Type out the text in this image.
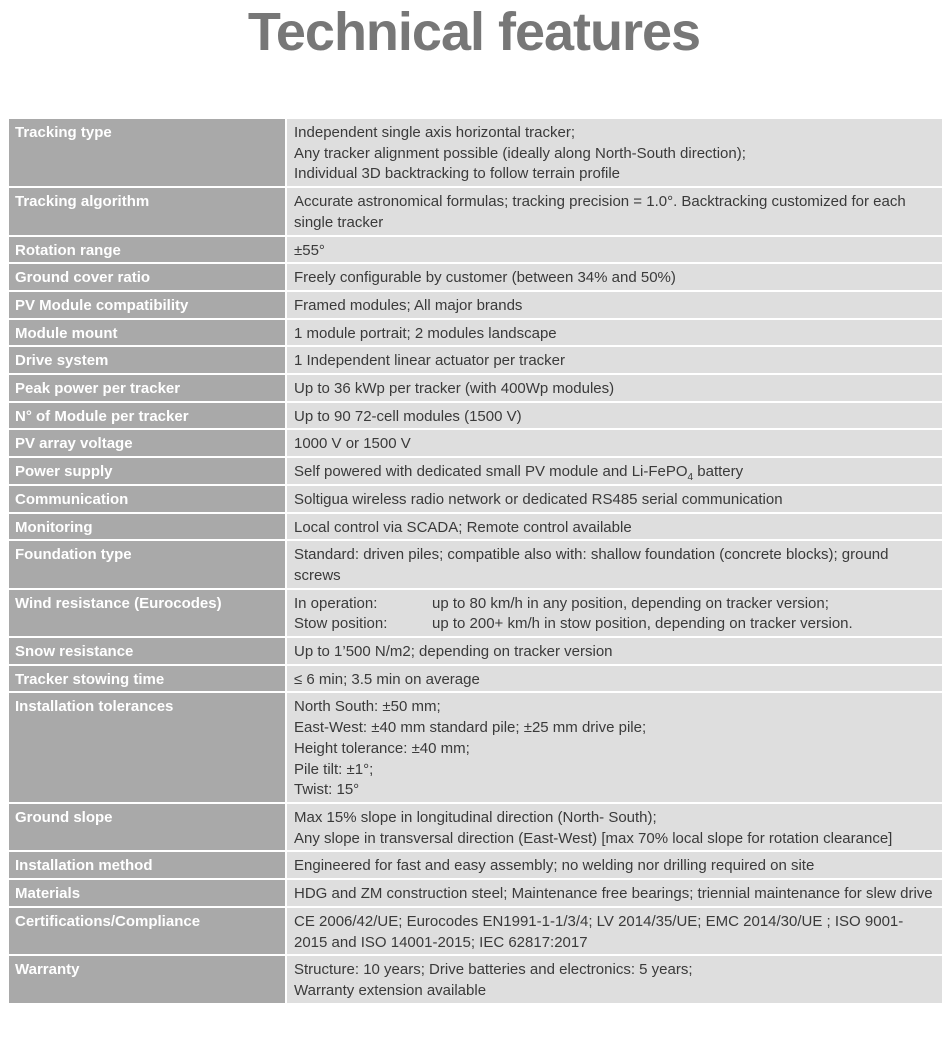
Technical features
Tracking type	Independent single axis horizontal tracker;
Any tracker alignment possible (ideally along North-South direction);
Individual 3D backtracking to follow terrain profile

Tracking algorithm	Accurate astronomical formulas; tracking precision = 1.0°. Backtracking customized for each single tracker

Rotation range	±55°

Ground cover ratio	Freely configurable by customer (between 34% and 50%)

PV Module compatibility	Framed modules; All major brands

Module mount	1 module portrait; 2 modules landscape

Drive system	1 Independent linear actuator per tracker

Peak power per tracker	Up to 36 kWp per tracker (with 400Wp modules)

N° of Module per tracker	Up to 90 72-cell modules (1500 V)

PV array voltage	1000 V or 1500 V

Power supply	Self powered with dedicated small PV module and Li-FePO$_4$ battery
Communication	Soltigua wireless radio network or dedicated RS485 serial communication

Monitoring	Local control via SCADA; Remote control available

Foundation type	Standard: driven piles; compatible also with: shallow foundation (concrete blocks); ground screws

Wind resistance (Eurocodes)	In operation: up to 80 km/h in any position, depending on tracker version;
Stow position: up to 200+ km/h in stow position, depending on tracker version.

Snow resistance	Up to 1’500 N/m2; depending on tracker version

Tracker stowing time	≤ 6 min; 3.5 min on average

Installation tolerances	North South: ±50 mm;
East-West: ±40 mm standard pile; ±25 mm drive pile;
Height tolerance: ±40 mm;
Pile tilt: ±1°;
Twist: 15°

Ground slope	Max 15% slope in longitudinal direction (North- South);
Any slope in transversal direction (East-West) [max 70% local slope for rotation clearance]

Installation method	Engineered for fast and easy assembly; no welding nor drilling required on site

Materials	HDG and ZM construction steel; Maintenance free bearings; triennial maintenance for slew drive

Certifications/Compliance	CE 2006/42/UE; Eurocodes EN1991-1-1/3/4; LV 2014/35/UE; EMC 2014/30/UE ; ISO 9001-2015 and ISO 14001-2015; IEC 62817:2017

Warranty	Structure: 10 years; Drive batteries and electronics: 5 years;
Warranty extension available
